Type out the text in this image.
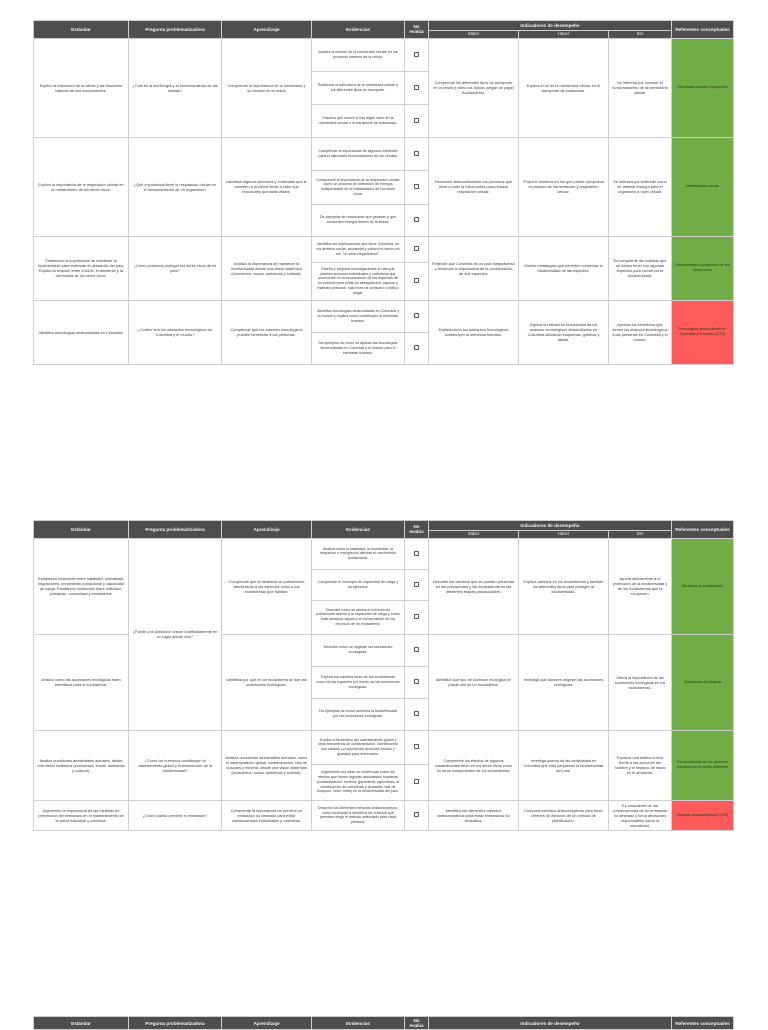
Estándar	Pregunta problematizadora	Aprendizaje	Evidencias	No evalúa	Indicadores de desempeño			Referentes conceptuales
					Saber	Hacer	Ser	
Explico la estructura de la célula y las funciones básicas de sus componentes.	¿Cuál es la morfología y el funcionamiento de las células?	Comprende la importancia de la membrana y su función en la célula	Analiza la función de la membrana celular en los procesos internos de la célula.		Comprende los diferentes tipos de transporte en la célula y cómo los lípidos juegan un papel fundamental.	Explica el rol de la membrana celular en el transporte de sustancias.	Se interesa por conocer el funcionamiento de la membrana celular.	Membrana celular y transporte
			Relaciona la estructura de la membrana celular y los diferentes tipos de transporte.					
			Practica qué ocurre si hay algún daño en la membrana celular o el transporte de sustancias.					
Explico la importancia de la respiración celular en el metabolismo de los seres vivos.	¿Qué importancia tiene la respiración celular en el funcionamiento de un organismo?	Identifica algunos procesos y moléculas que le permiten a la célula llevar a cabo sus reacciones químicas vitales.	Comprende la importancia de algunos nutrientes para el adecuado funcionamiento de las células.		Reconoce adecuadamente los procesos que tiene a cabo la mitocondria para realizar respiración celular.	Propone modelos en los que puede comprobar el proceso de fermentación y respiración celular.	Se interesa por entender cómo se obtiene energía para el organismo a nivel celular.	Metabolismo celular
			Comprende la importancia de la respiración celular como un proceso de obtención de energía indispensable en el metabolismo de los seres vivos.					
			Da ejemplos de reacciones que generan y que consumen energía dentro de la célula.					
Establezco la importancia de mantener la biodiversidad para estimular el desarrollo del país. Explico la relación entre el ADN, el ambiente y la diversidad de los seres vivos.	¿Cómo podemos proteger los seres vivos de mi país?	Analiza la importancia de mantener la biodiversidad desde una visión sistémica (económica, social, ambiental y cultural).	Identifica las implicaciones que tiene Colombia, en los ámbitos social, ambiental y cultural el hecho de ser "un país megadiverso".		Entiende que Colombia es un país megadiverso y reconoce la importancia de la conservación de sus especies.	Diseña estrategias que permiten conservar la biodiversidad de las especies.	Es consciente del cuidado que se deben tener con algunas especies para conservar la biodiversidad.	Biodiversidad y protección de los seres vivos
			Diseña y propone investigaciones en las que plantea acciones individuales y colectivas que promueven el reconocimiento de las especies de su entorno para evitar su desaparición, captura y maltrato personal, casi línea de consumo o tráfico ilegal.					
Identifico tecnologías desarrolladas en Colombia.	¿Cuáles son los adelantos tecnológicos de Colombia y el mundo?	Comprende que los avances tecnológicos pueden beneficiar a las personas.	Identifica tecnologías desarrolladas en Colombia y el mundo y explica cómo contribuyen al bienestar humano.		Explica cómo los adelantos tecnológicos contribuyen al bienestar humano.	Explica la utilidad en la sociedad de los avances tecnológicos desarrollados en Colombia utilizando esquemas, gráficos y tablas.	Aprecia los beneficios que tienen los avances tecnológicos a las personas en Colombia y el mundo.	Tecnologías desarrolladas en Colombia y el mundo (CTS)
			Da ejemplos de cómo se aplican las tecnologías desarrolladas en Colombia y el mundo para el bienestar humano.					
Estándar	Pregunta problematizadora	Aprendizaje	Evidencias	No evalúa	Indicadores de desempeño			Referentes conceptuales
					Saber	Hacer	Ser	
Establezco relaciones entre natalidad, mortalidad, migraciones, crecimiento poblacional y capacidad de carga. Establezco relaciones entre individuo, población, comunidad y ecosistema.	¿Puede una población crecer indefinidamente en un lugar donde vive?	Comprende que la dinámica de poblaciones afecta tanto a las especies como a los ecosistemas que habitan.	Analiza cómo la natalidad, la mortalidad, la migración e inmigración afectan el crecimiento poblacional.		Describe los cambios que se pueden presentar en las poblaciones y los ecosistemas en las diferentes etapas poblacionales.	Explica cambios en los ecosistemas y también los diferentes tipos para proteger la biodiversidad.	Aporta activamente a la protección de la biodiversidad y de los ecosistemas que la componen.	Dinámica de poblaciones
			Comprende el concepto de capacidad de carga y da ejemplos.					
			Describe cómo se afecta el crecimiento poblacional debido a la capacidad de carga y cómo está situación ayuda a la conservación de los recursos de un ecosistema.					
Analizo cómo las sucesiones ecológicas traen beneficios para el ecosistema.		Identifica por qué en un ecosistema se dan las sucesiones ecológicas.	Describe cómo se originan las sucesiones ecológicas.		Identifica qué tipo de sucesión ecológica se puede dar en un ecosistema.	Investiga qué factores originan las sucesiones ecológicas.	Valora la importancia de las sucesiones ecológicas en los ecosistemas.	Sucesiones Ecológicas
			Explica los cambios tanto de los ecosistemas como de las especies por medio de las sucesiones ecológicas.					
			Da ejemplos de cómo aumenta la biodiversidad por las sucesiones ecológicas.					
Analizo cuestiones ambientales actuales, desde una visión sistémica (económica, social, ambiental y cultural).	¿Cómo los humanos contribuyen al calentamiento global y la disminución de la biodiversidad?	Analiza cuestiones ambientales actuales, como el calentamiento global, contaminación, tala de bosques y minería, desde una visión sistémica (económica, social, ambiental y cultural).	Explica el fenómeno del calentamiento global y otros fenómenos de contaminación. Identificando sus causas y proponiendo acciones locales y globales para enfrentarlo.		Comprende los efectos de algunos contaminantes tanto en los seres vivos como en otros componentes de los ecosistemas.	Investiga acerca de las actividades en Colombia que más perjudican la biodiversidad del país.	Expresa una actitud crítica frente a las acciones del hombre y el impacto de estas en el ambiente.	Consecuencias de las acciones humanas en el medio ambiente
			Argumenta con base en evidencias sobre los efectos que tienen algunas actividades humanas (contaminación, minería, ganadería, agricultura, la construcción de carreteras y ciudades, tala de bosques, entre otras) en la biodiversidad del país.					
Argumento la importancia de las medidas de prevención del embarazo en el mantenimiento de la salud individual y colectiva.	¿Cómo puedo prevenir el embarazo?	Comprende la importancia de prevenir un embarazo no deseado para evitar consecuencias individuales y colectivas.	Describe los diferentes métodos anticonceptivos, cómo funcionan e identifica los criterios que permiten elegir el método adecuado para cada persona.		Identifica los diferentes métodos anticonceptivos para evitar embarazos no deseados.	Compara métodos anticonceptivos para tener criterios de elección de un método de planificación.	Es consciente de las consecuencias de un embarazo no deseado y toma decisiones responsables sobre la sexualidad.	Métodos anticonceptivos (CTS)
Estándar	Pregunta problematizadora	Aprendizaje	Evidencias	No evalúa	Indicadores de desempeño	Referentes conceptuales
